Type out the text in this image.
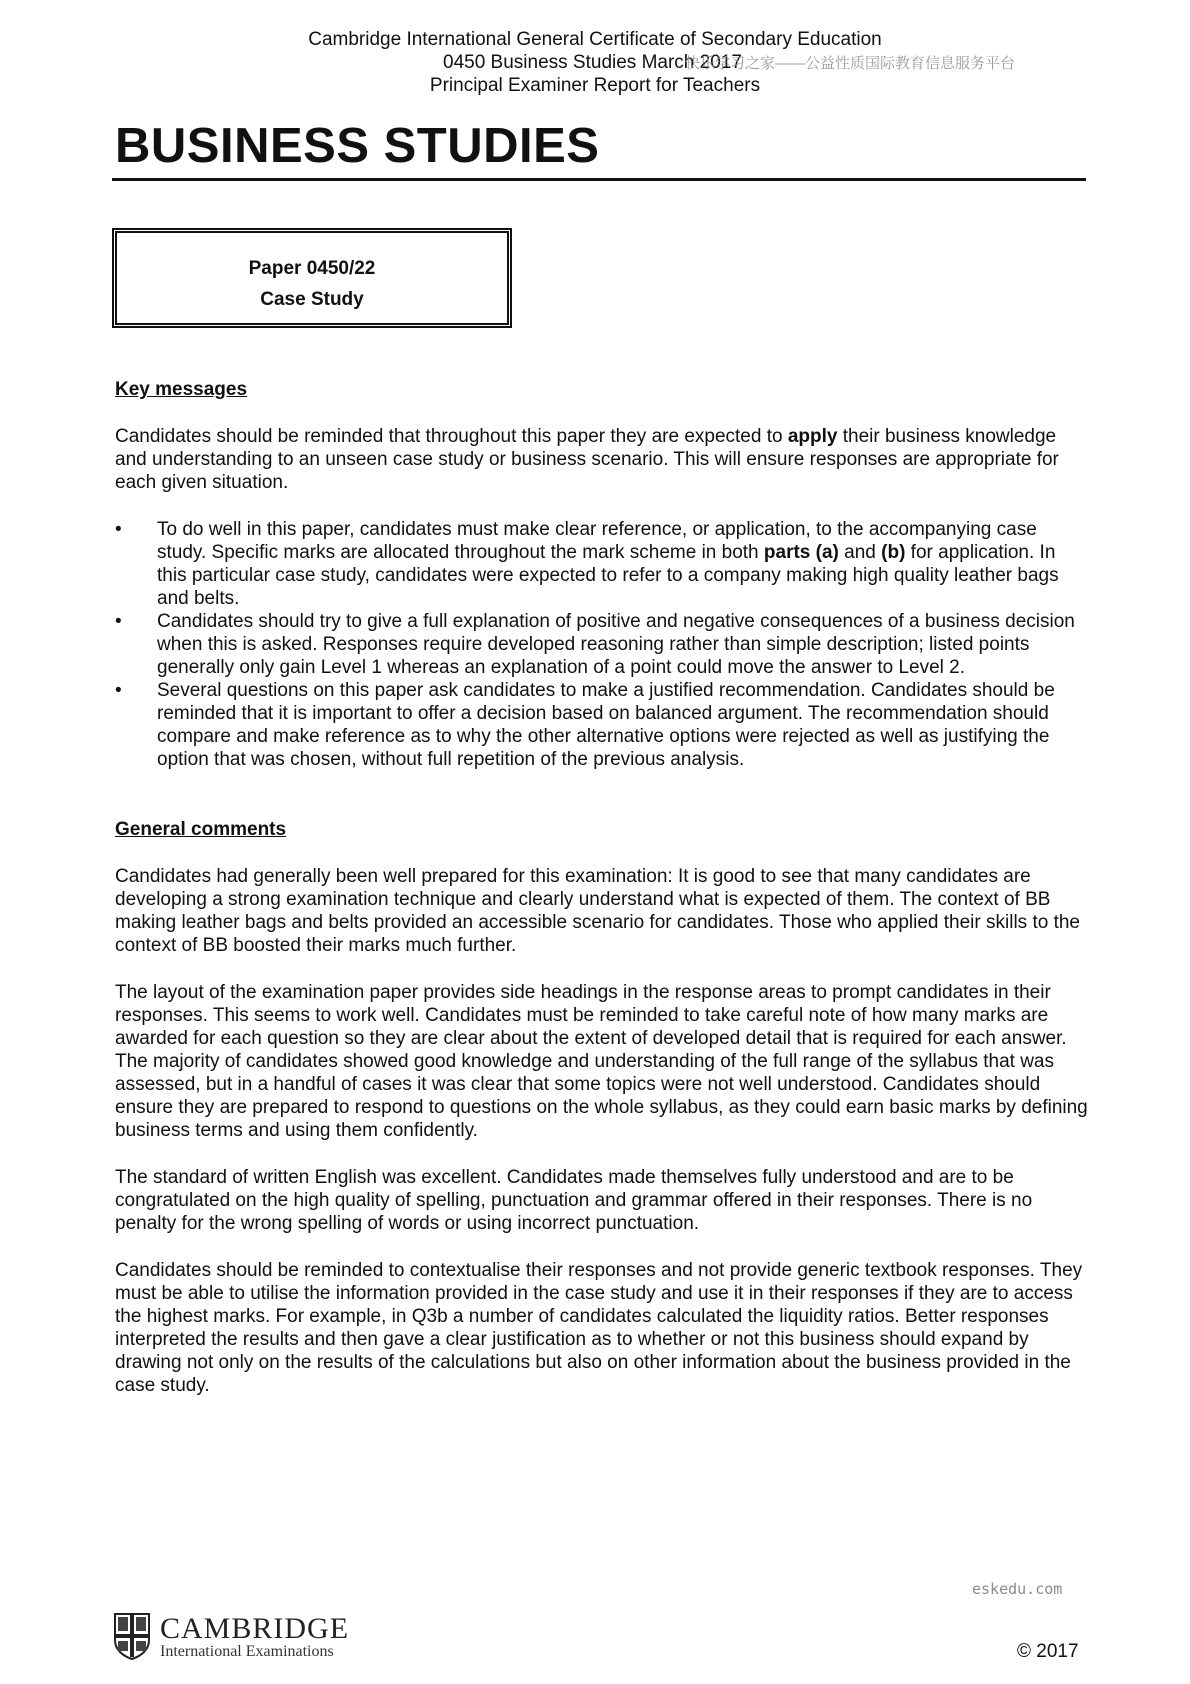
Cambridge International General Certificate of Secondary Education
0450 Business Studies March 2017
快乐学习之家——公益性质国际教育信息服务平台
Principal Examiner Report for Teachers
BUSINESS STUDIES
Paper 0450/22
Case Study
Key messages

Candidates should be reminded that throughout this paper they are expected to apply their business knowledge and understanding to an unseen case study or business scenario. This will ensure responses are appropriate for each given situation.

• To do well in this paper, candidates must make clear reference, or application, to the accompanying case study. Specific marks are allocated throughout the mark scheme in both parts (a) and (b) for application. In this particular case study, candidates were expected to refer to a company making high quality leather bags and belts.
• Candidates should try to give a full explanation of positive and negative consequences of a business decision when this is asked. Responses require developed reasoning rather than simple description; listed points generally only gain Level 1 whereas an explanation of a point could move the answer to Level 2.
• Several questions on this paper ask candidates to make a justified recommendation. Candidates should be reminded that it is important to offer a decision based on balanced argument. The recommendation should compare and make reference as to why the other alternative options were rejected as well as justifying the option that was chosen, without full repetition of the previous analysis.
General comments

Candidates had generally been well prepared for this examination: It is good to see that many candidates are developing a strong examination technique and clearly understand what is expected of them. The context of BB making leather bags and belts provided an accessible scenario for candidates. Those who applied their skills to the context of BB boosted their marks much further.

The layout of the examination paper provides side headings in the response areas to prompt candidates in their responses. This seems to work well. Candidates must be reminded to take careful note of how many marks are awarded for each question so they are clear about the extent of developed detail that is required for each answer. The majority of candidates showed good knowledge and understanding of the full range of the syllabus that was assessed, but in a handful of cases it was clear that some topics were not well understood. Candidates should ensure they are prepared to respond to questions on the whole syllabus, as they could earn basic marks by defining business terms and using them confidently.

The standard of written English was excellent. Candidates made themselves fully understood and are to be congratulated on the high quality of spelling, punctuation and grammar offered in their responses. There is no penalty for the wrong spelling of words or using incorrect punctuation.

Candidates should be reminded to contextualise their responses and not provide generic textbook responses. They must be able to utilise the information provided in the case study and use it in their responses if they are to access the highest marks. For example, in Q3b a number of candidates calculated the liquidity ratios. Better responses interpreted the results and then gave a clear justification as to whether or not this business should expand by drawing not only on the results of the calculations but also on other information about the business provided in the case study.

eskedu.com
CAMBRIDGE
International Examinations	© 2017
